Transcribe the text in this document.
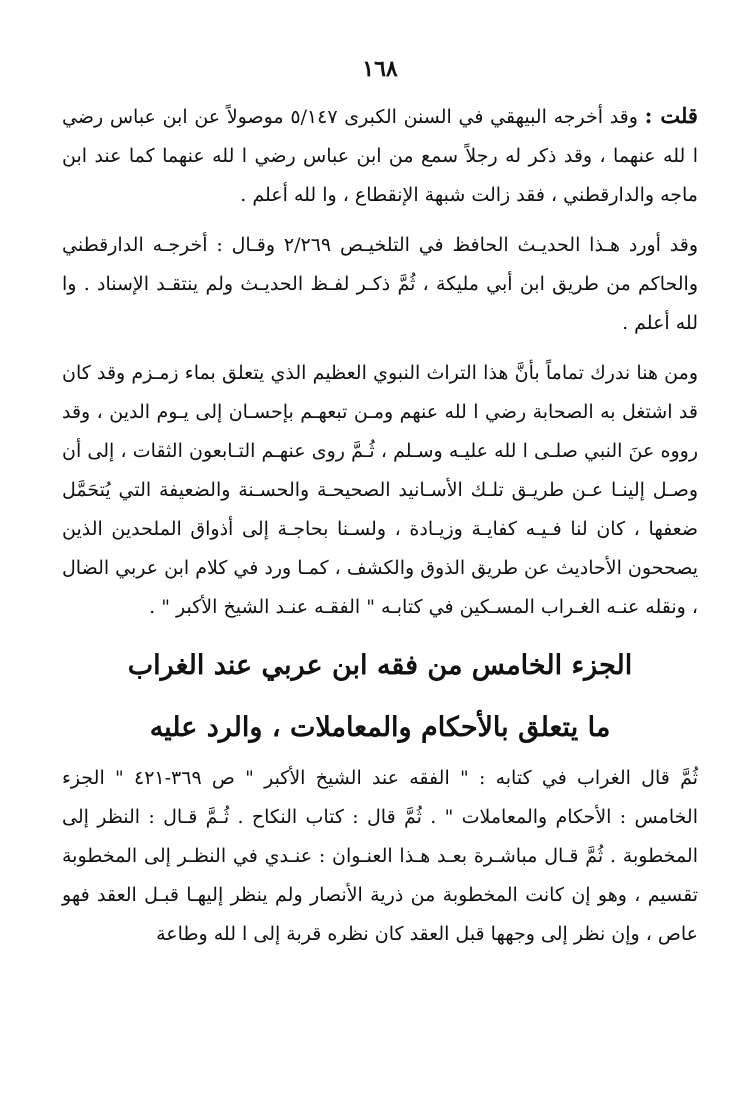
١٦٨

قلت : وقد أخرجه البيهقي في السنن الكبرى ٥/١٤٧ موصولاً عن ابن عباس رضي ا لله عنهما ، وقد ذكر له رجلاً سمع من ابن عباس رضي ا لله عنهما كما عند ابن ماجه والدارقطني ، فقد زالت شبهة الإنقطاع ، وا لله أعلم .

وقد أورد هـذا الحديـث الحافظ في التلخيـص ٢/٢٦٩ وقـال : أخرجـه الدارقطني والحاكم من طريق ابن أبي مليكة ، ثُمَّ ذكـر لفـظ الحديـث ولم ينتقـد الإسناد . وا لله أعلم .

ومن هنا ندرك تماماً بأنَّ هذا التراث النبوي العظيم الذي يتعلق بماء زمـزم وقد كان قد اشتغل به الصحابة رضي ا لله عنهم ومـن تبعهـم بإحسـان إلى يـوم الدين ، وقد رووه عنَ النبي صلـى ا لله عليـه وسـلم ، ثُـمَّ روى عنهـم التـابعون الثقات ، إلى أن وصـل إلينـا عـن طريـق تلـك الأسـانيد الصحيحـة والحسـنة والضعيفة التي يُتحَمَّل ضعفها ، كان لنا فـيـه كفايـة وزيـادة ، ولسـنا بحاجـة إلى أذواق الملحدين الذين يصححون الأحاديث عن طريق الذوق والكشف ، كمـا ورد في كلام ابن عربي الضال ، ونقله عنـه الغـراب المسـكين في كتابـه " الفقـه عنـد الشيخ الأكبر " .

الجزء الخامس من فقه ابن عربي عند الغراب
ما يتعلق بالأحكام والمعاملات ، والرد عليه

ثُمَّ قال الغراب في كتابه : " الفقه عند الشيخ الأكبر " ص ٣٦٩-٤٢١ " الجزء الخامس : الأحكام والمعاملات " . ثُمَّ قال : كتاب النكاح . ثُـمَّ قـال : النظر إلى المخطوبة . ثُمَّ قـال مباشـرة بعـد هـذا العنـوان : عنـدي في النظـر إلى المخطوبة تقسيم ، وهو إن كانت المخطوبة من ذرية الأنصار ولم ينظر إليهـا قبـل العقد فهو عاص ، وإن نظر إلى وجهها قبل العقد كان نظره قربة إلى ا لله وطاعة
